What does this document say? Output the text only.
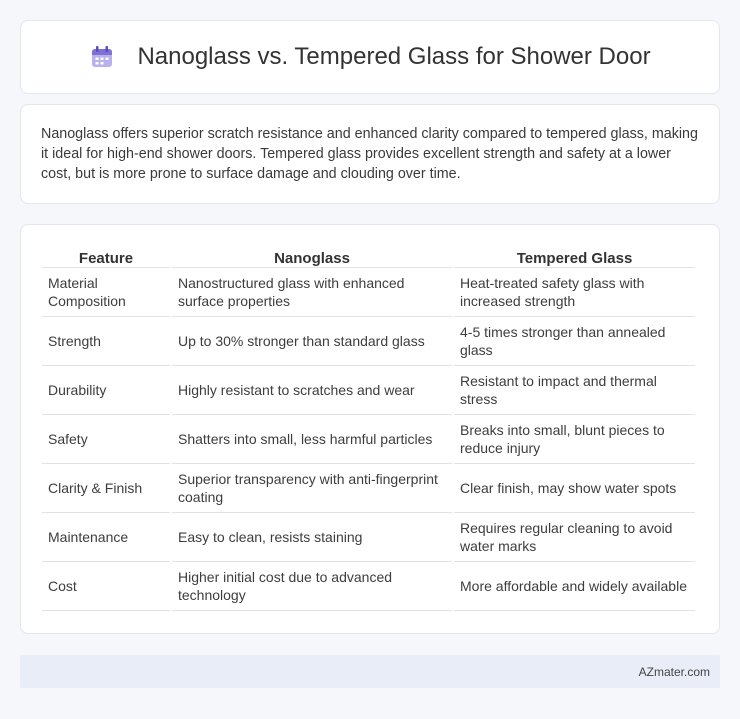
Nanoglass vs. Tempered Glass for Shower Door

Nanoglass offers superior scratch resistance and enhanced clarity compared to tempered glass, making it ideal for high-end shower doors. Tempered glass provides excellent strength and safety at a lower cost, but is more prone to surface damage and clouding over time.

Feature	Nanoglass	Tempered Glass
Material Composition	Nanostructured glass with enhanced surface properties	Heat-treated safety glass with increased strength
Strength	Up to 30% stronger than standard glass	4-5 times stronger than annealed glass
Durability	Highly resistant to scratches and wear	Resistant to impact and thermal stress
Safety	Shatters into small, less harmful particles	Breaks into small, blunt pieces to reduce injury
Clarity & Finish	Superior transparency with anti-fingerprint coating	Clear finish, may show water spots
Maintenance	Easy to clean, resists staining	Requires regular cleaning to avoid water marks
Cost	Higher initial cost due to advanced technology	More affordable and widely available
AZmater.com
